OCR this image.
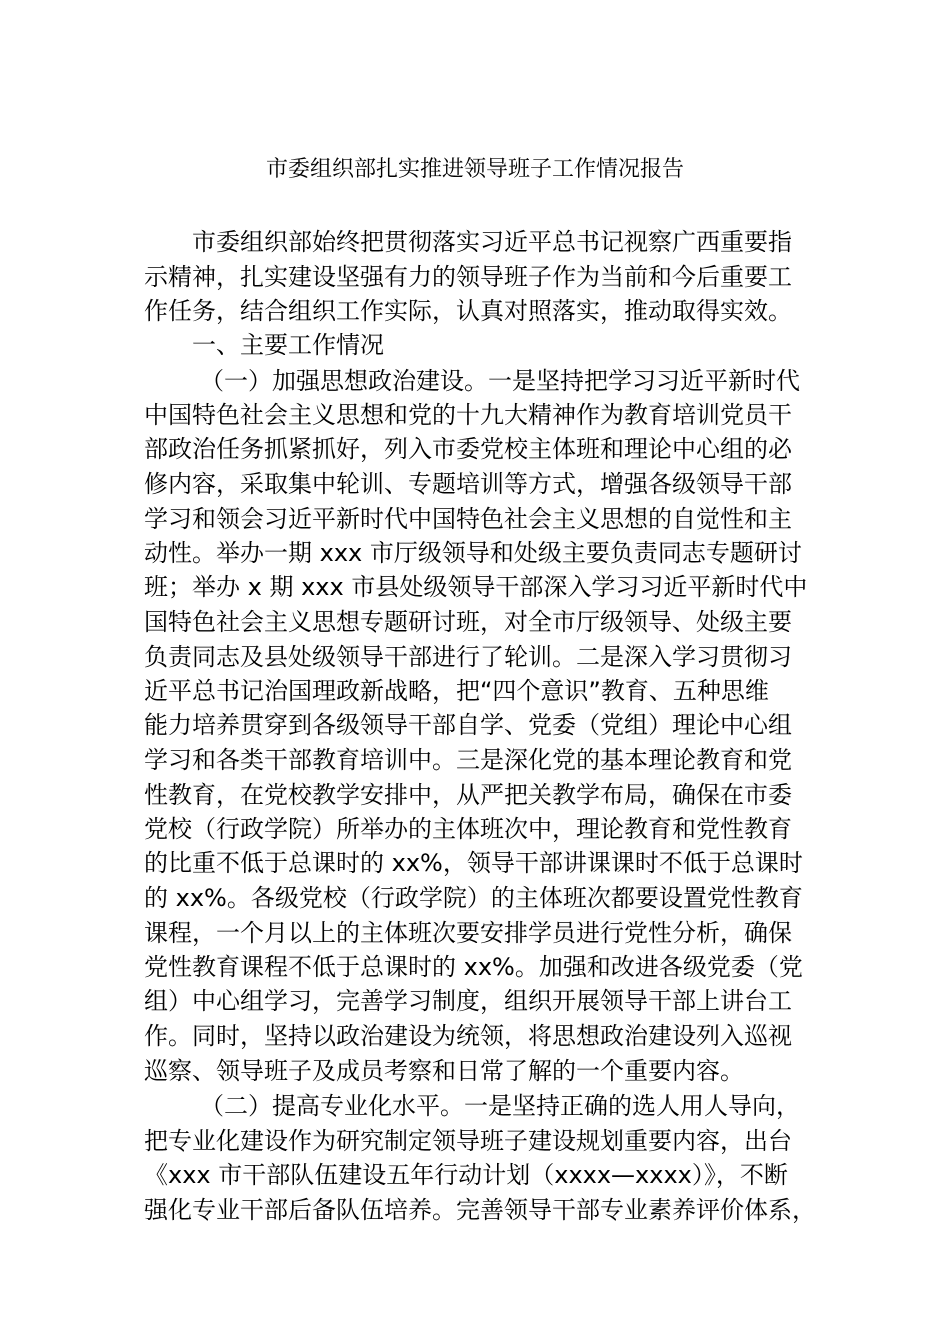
市委组织部扎实推进领导班子工作情况报告
市委组织部始终把贯彻落实习近平总书记视察广西重要指
示精神，扎实建设坚强有力的领导班子作为当前和今后重要工
作任务，结合组织工作实际，认真对照落实，推动取得实效。
一、主要工作情况
（一）加强思想政治建设。一是坚持把学习习近平新时代
中国特色社会主义思想和党的十九大精神作为教育培训党员干
部政治任务抓紧抓好，列入市委党校主体班和理论中心组的必
修内容，采取集中轮训、专题培训等方式，增强各级领导干部
学习和领会习近平新时代中国特色社会主义思想的自觉性和主
动性。举办一期 xxx 市厅级领导和处级主要负责同志专题研讨
班；举办 x 期 xxx 市县处级领导干部深入学习习近平新时代中
国特色社会主义思想专题研讨班，对全市厅级领导、处级主要
负责同志及县处级领导干部进行了轮训。二是深入学习贯彻习
近平总书记治国理政新战略，把“四个意识”教育、五种思维
能力培养贯穿到各级领导干部自学、党委（党组）理论中心组
学习和各类干部教育培训中。三是深化党的基本理论教育和党
性教育，在党校教学安排中，从严把关教学布局，确保在市委
党校（行政学院）所举办的主体班次中，理论教育和党性教育
的比重不低于总课时的 xx%，领导干部讲课课时不低于总课时
的 xx%。各级党校（行政学院）的主体班次都要设置党性教育
课程，一个月以上的主体班次要安排学员进行党性分析，确保
党性教育课程不低于总课时的 xx%。加强和改进各级党委（党
组）中心组学习，完善学习制度，组织开展领导干部上讲台工
作。同时，坚持以政治建设为统领，将思想政治建设列入巡视
巡察、领导班子及成员考察和日常了解的一个重要内容。
（二）提高专业化水平。一是坚持正确的选人用人导向，
把专业化建设作为研究制定领导班子建设规划重要内容，出台
《xxx 市干部队伍建设五年行动计划（xxxx—xxxx）》，不断
强化专业干部后备队伍培养。完善领导干部专业素养评价体系，
